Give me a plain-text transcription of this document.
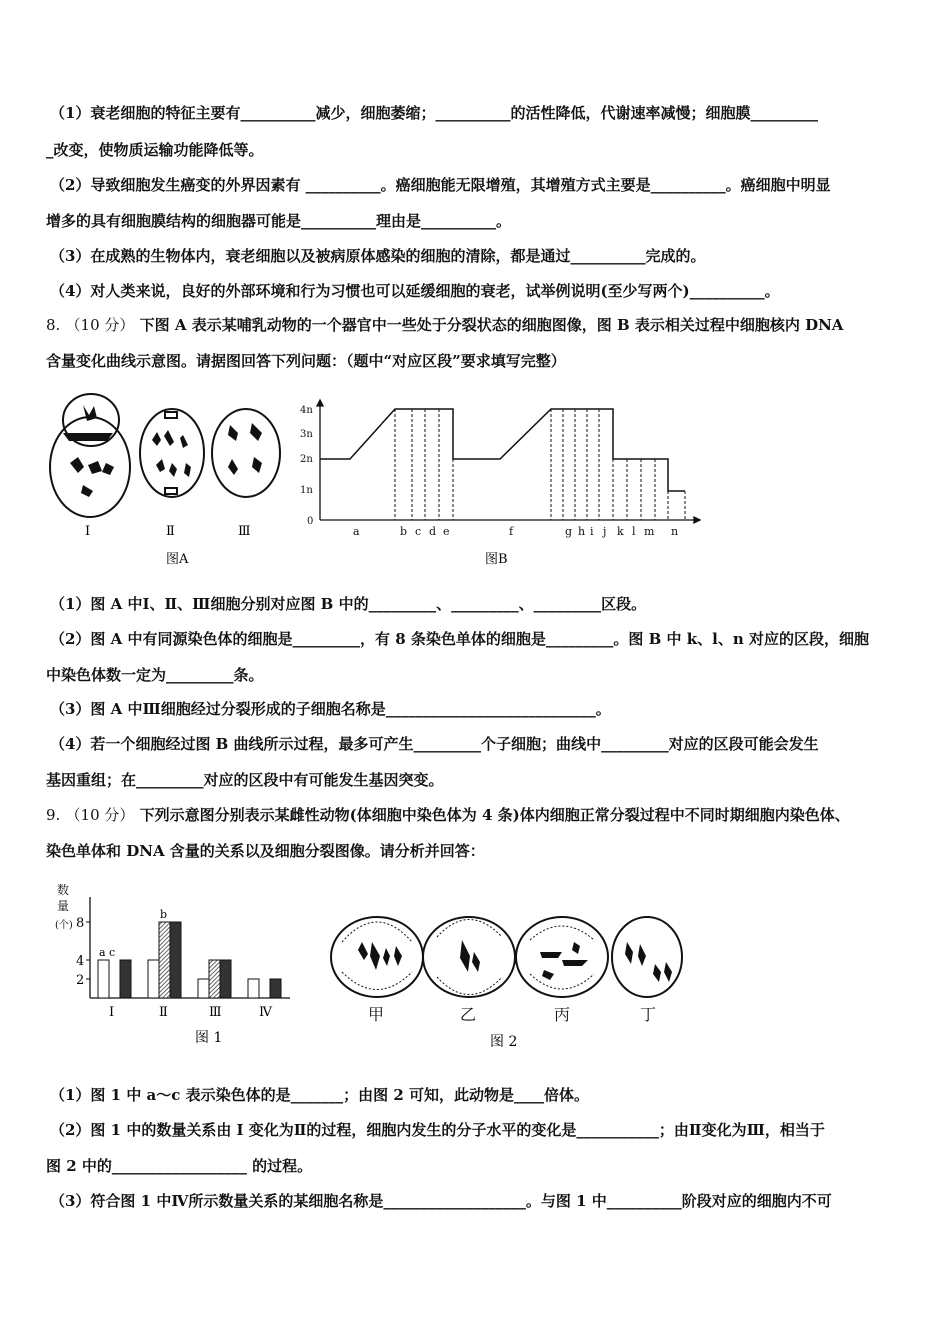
（1）衰老细胞的特征主要有__________减少，细胞萎缩；__________的活性降低，代谢速率减慢；细胞膜_________
_改变，使物质运输功能降低等。
（2）导致细胞发生癌变的外界因素有 __________。癌细胞能无限增殖，其增殖方式主要是__________。癌细胞中明显
增多的具有细胞膜结构的细胞器可能是__________理由是__________。
（3）在成熟的生物体内，衰老细胞以及被病原体感染的细胞的清除，都是通过__________完成的。
（4）对人类来说，良好的外部环境和行为习惯也可以延缓细胞的衰老，试举例说明(至少写两个)__________。
8. （10 分） 下图 A 表示某哺乳动物的一个器官中一些处于分裂状态的细胞图像，图 B 表示相关过程中细胞核内 DNA
含量变化曲线示意图。请据图回答下列问题：（题中“对应区段”要求填写完整）
Ⅰ	Ⅱ	Ⅲ
图A
4n
3n
2n
1n
0
a	b c d e	f	g h i j k l m n
图B
（1）图 A 中Ⅰ、Ⅱ、Ⅲ细胞分别对应图 B 中的_________、_________、_________区段。
（2）图 A 中有同源染色体的细胞是_________，有 8 条染色单体的细胞是_________。图 B 中 k、l、n 对应的区段，细胞
中染色体数一定为_________条。
（3）图 A 中Ⅲ细胞经过分裂形成的子细胞名称是____________________________。
（4）若一个细胞经过图 B 曲线所示过程，最多可产生_________个子细胞；曲线中_________对应的区段可能会发生
基因重组；在_________对应的区段中有可能发生基因突变。
9. （10 分） 下列示意图分别表示某雌性动物(体细胞中染色体为 4 条)体内细胞正常分裂过程中不同时期细胞内染色体、
染色单体和 DNA 含量的关系以及细胞分裂图像。请分析并回答：
数
量
(个) 8
4
2
Ⅰ	Ⅱ	Ⅲ	Ⅳ
a c
b
图 1
甲	乙	丙	丁
图 2
（1）图 1 中 a～c 表示染色体的是_______；由图 2 可知，此动物是____倍体。
（2）图 1 中的数量关系由 I 变化为Ⅱ的过程，细胞内发生的分子水平的变化是___________；由Ⅱ变化为Ⅲ，相当于
图 2 中的__________________ 的过程。
（3）符合图 1 中Ⅳ所示数量关系的某细胞名称是___________________。与图 1 中__________阶段对应的细胞内不可
